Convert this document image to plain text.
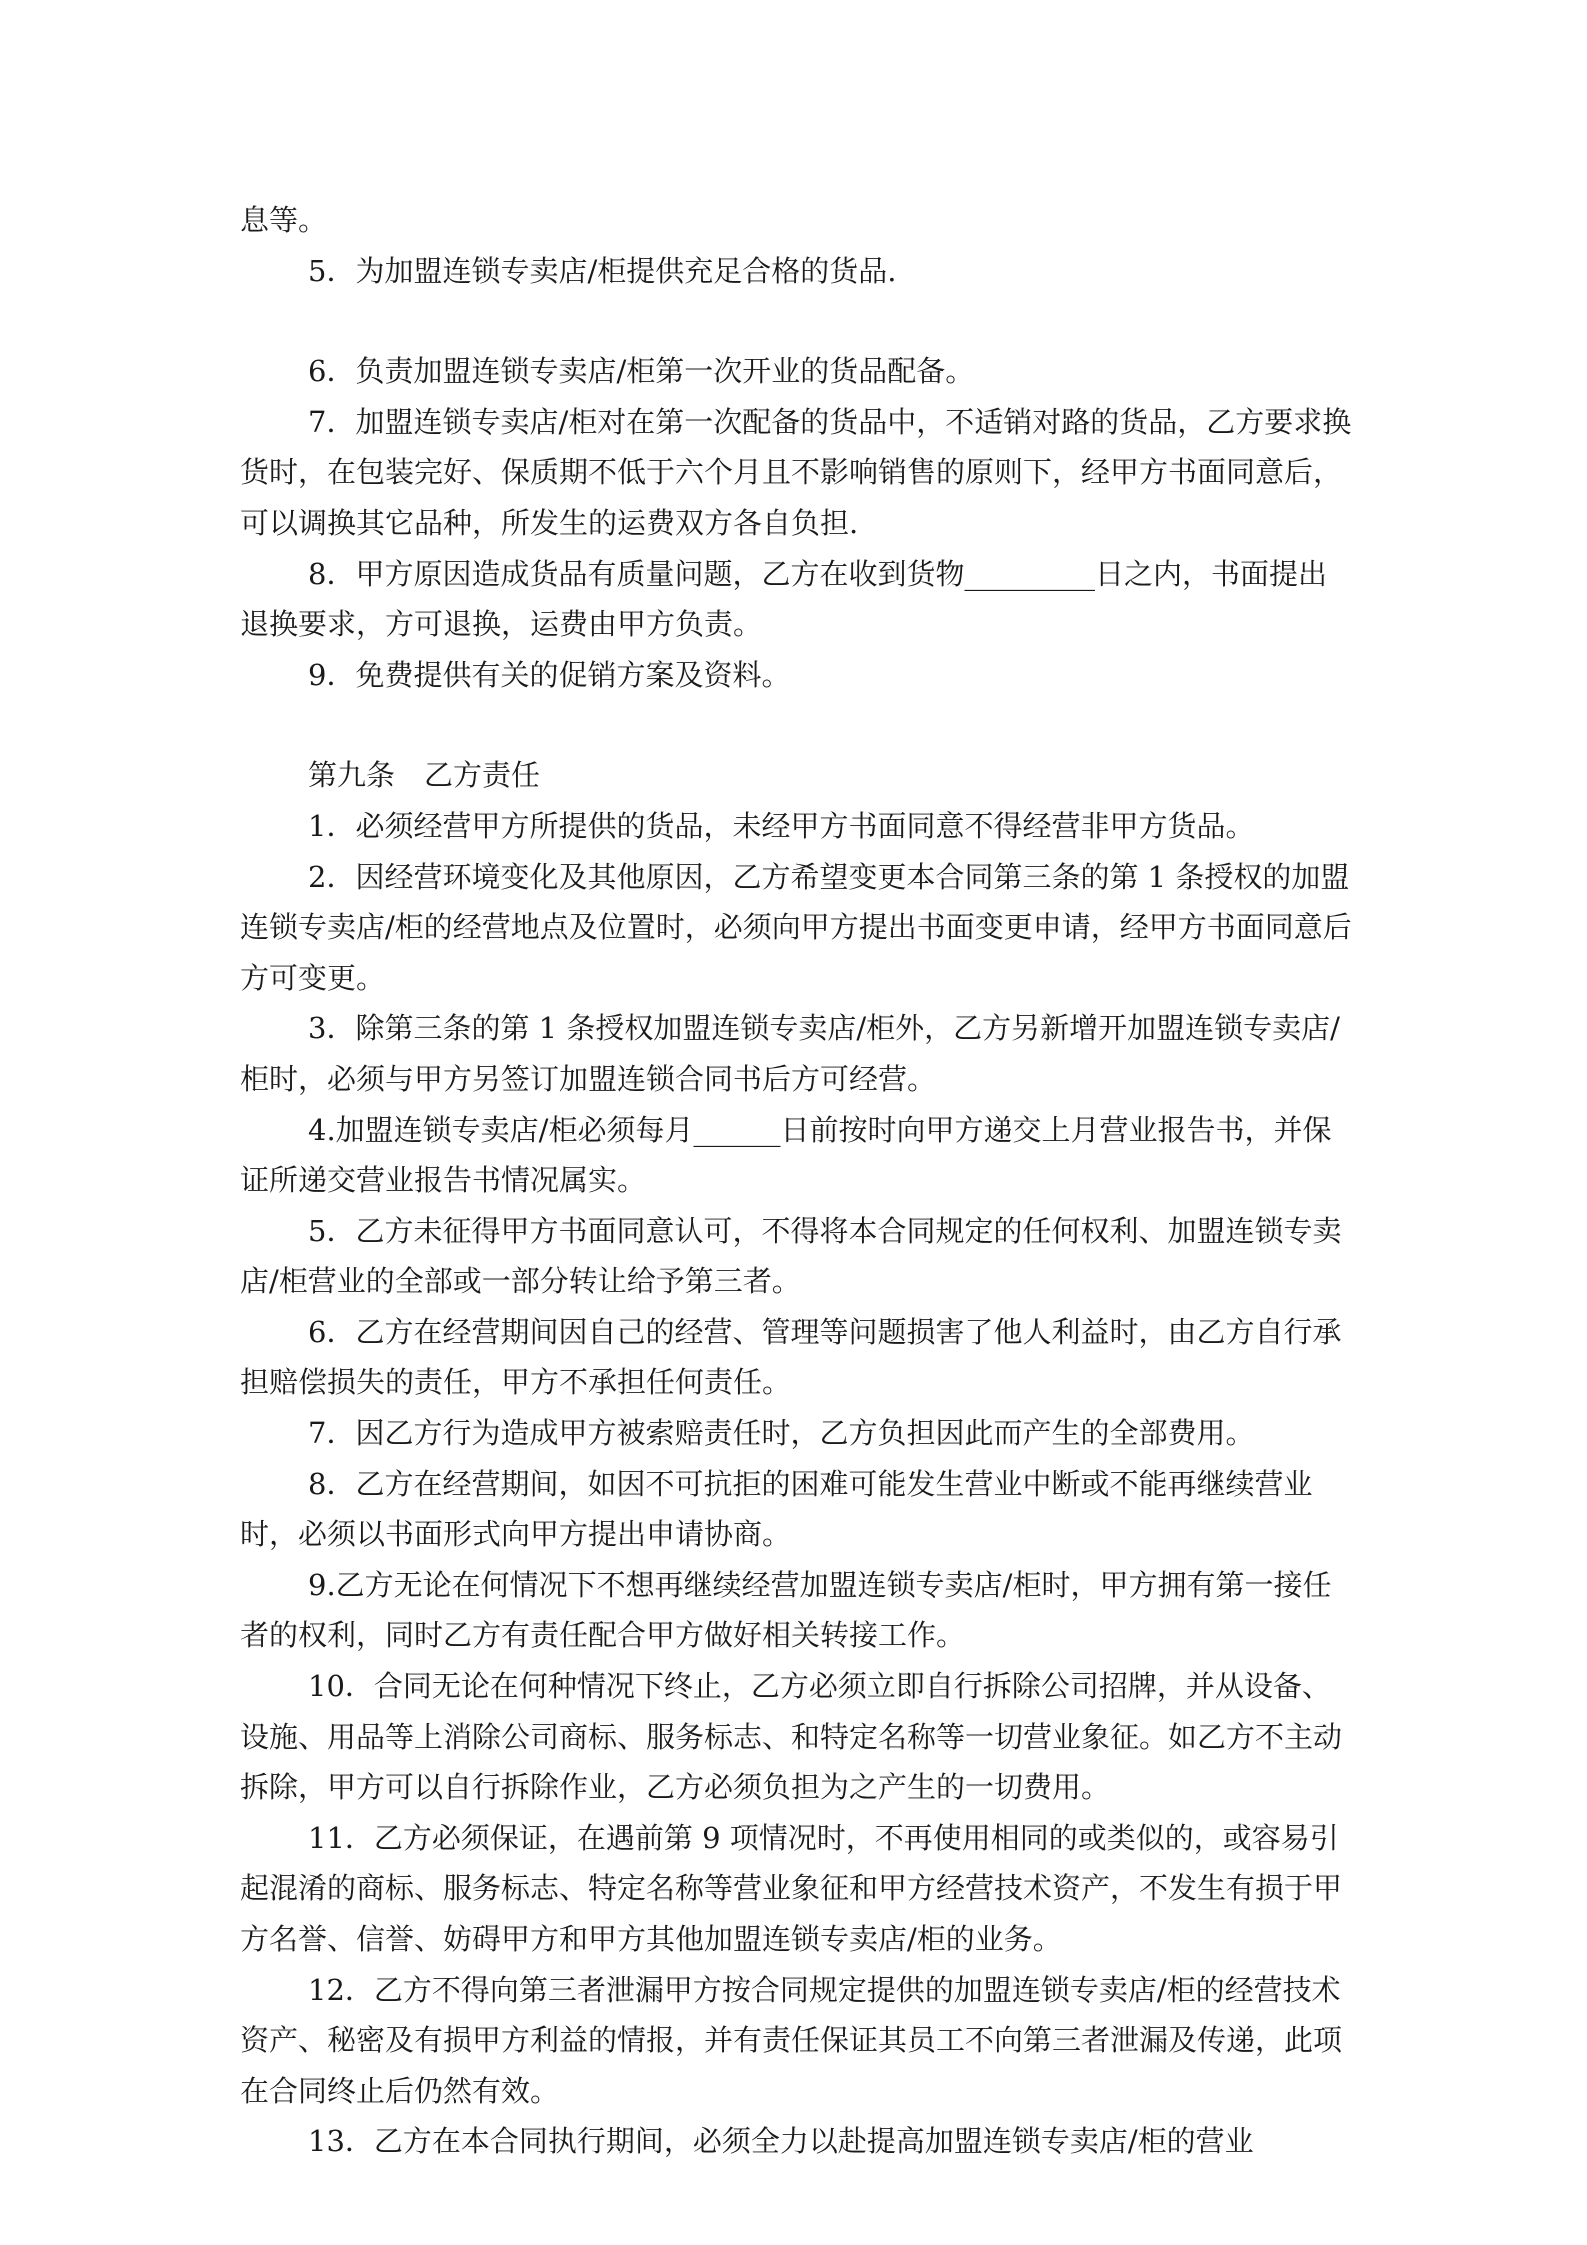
息等。

5．为加盟连锁专卖店/柜提供充足合格的货品.

6．负责加盟连锁专卖店/柜第一次开业的货品配备。

7．加盟连锁专卖店/柜对在第一次配备的货品中，不适销对路的货品，乙方要求换货时，在包装完好、保质期不低于六个月且不影响销售的原则下，经甲方书面同意后，可以调换其它品种，所发生的运费双方各自负担.

8．甲方原因造成货品有质量问题，乙方在收到货物_________日之内，书面提出退换要求，方可退换，运费由甲方负责。

9．免费提供有关的促销方案及资料。

第九条　乙方责任

1．必须经营甲方所提供的货品，未经甲方书面同意不得经营非甲方货品。

2．因经营环境变化及其他原因，乙方希望变更本合同第三条的第 1 条授权的加盟连锁专卖店/柜的经营地点及位置时，必须向甲方提出书面变更申请，经甲方书面同意后方可变更。

3．除第三条的第 1 条授权加盟连锁专卖店/柜外，乙方另新增开加盟连锁专卖店/柜时，必须与甲方另签订加盟连锁合同书后方可经营。

4.加盟连锁专卖店/柜必须每月______日前按时向甲方递交上月营业报告书，并保证所递交营业报告书情况属实。

5．乙方未征得甲方书面同意认可，不得将本合同规定的任何权利、加盟连锁专卖店/柜营业的全部或一部分转让给予第三者。

6．乙方在经营期间因自己的经营、管理等问题损害了他人利益时，由乙方自行承担赔偿损失的责任，甲方不承担任何责任。

7．因乙方行为造成甲方被索赔责任时，乙方负担因此而产生的全部费用。

8．乙方在经营期间，如因不可抗拒的困难可能发生营业中断或不能再继续营业时，必须以书面形式向甲方提出申请协商。

9.乙方无论在何情况下不想再继续经营加盟连锁专卖店/柜时，甲方拥有第一接任者的权利，同时乙方有责任配合甲方做好相关转接工作。

10．合同无论在何种情况下终止，乙方必须立即自行拆除公司招牌，并从设备、设施、用品等上消除公司商标、服务标志、和特定名称等一切营业象征。如乙方不主动拆除，甲方可以自行拆除作业，乙方必须负担为之产生的一切费用。

11．乙方必须保证，在遇前第 9 项情况时，不再使用相同的或类似的，或容易引起混淆的商标、服务标志、特定名称等营业象征和甲方经营技术资产，不发生有损于甲方名誉、信誉、妨碍甲方和甲方其他加盟连锁专卖店/柜的业务。

12．乙方不得向第三者泄漏甲方按合同规定提供的加盟连锁专卖店/柜的经营技术资产、秘密及有损甲方利益的情报，并有责任保证其员工不向第三者泄漏及传递，此项在合同终止后仍然有效。

13．乙方在本合同执行期间，必须全力以赴提高加盟连锁专卖店/柜的营业
